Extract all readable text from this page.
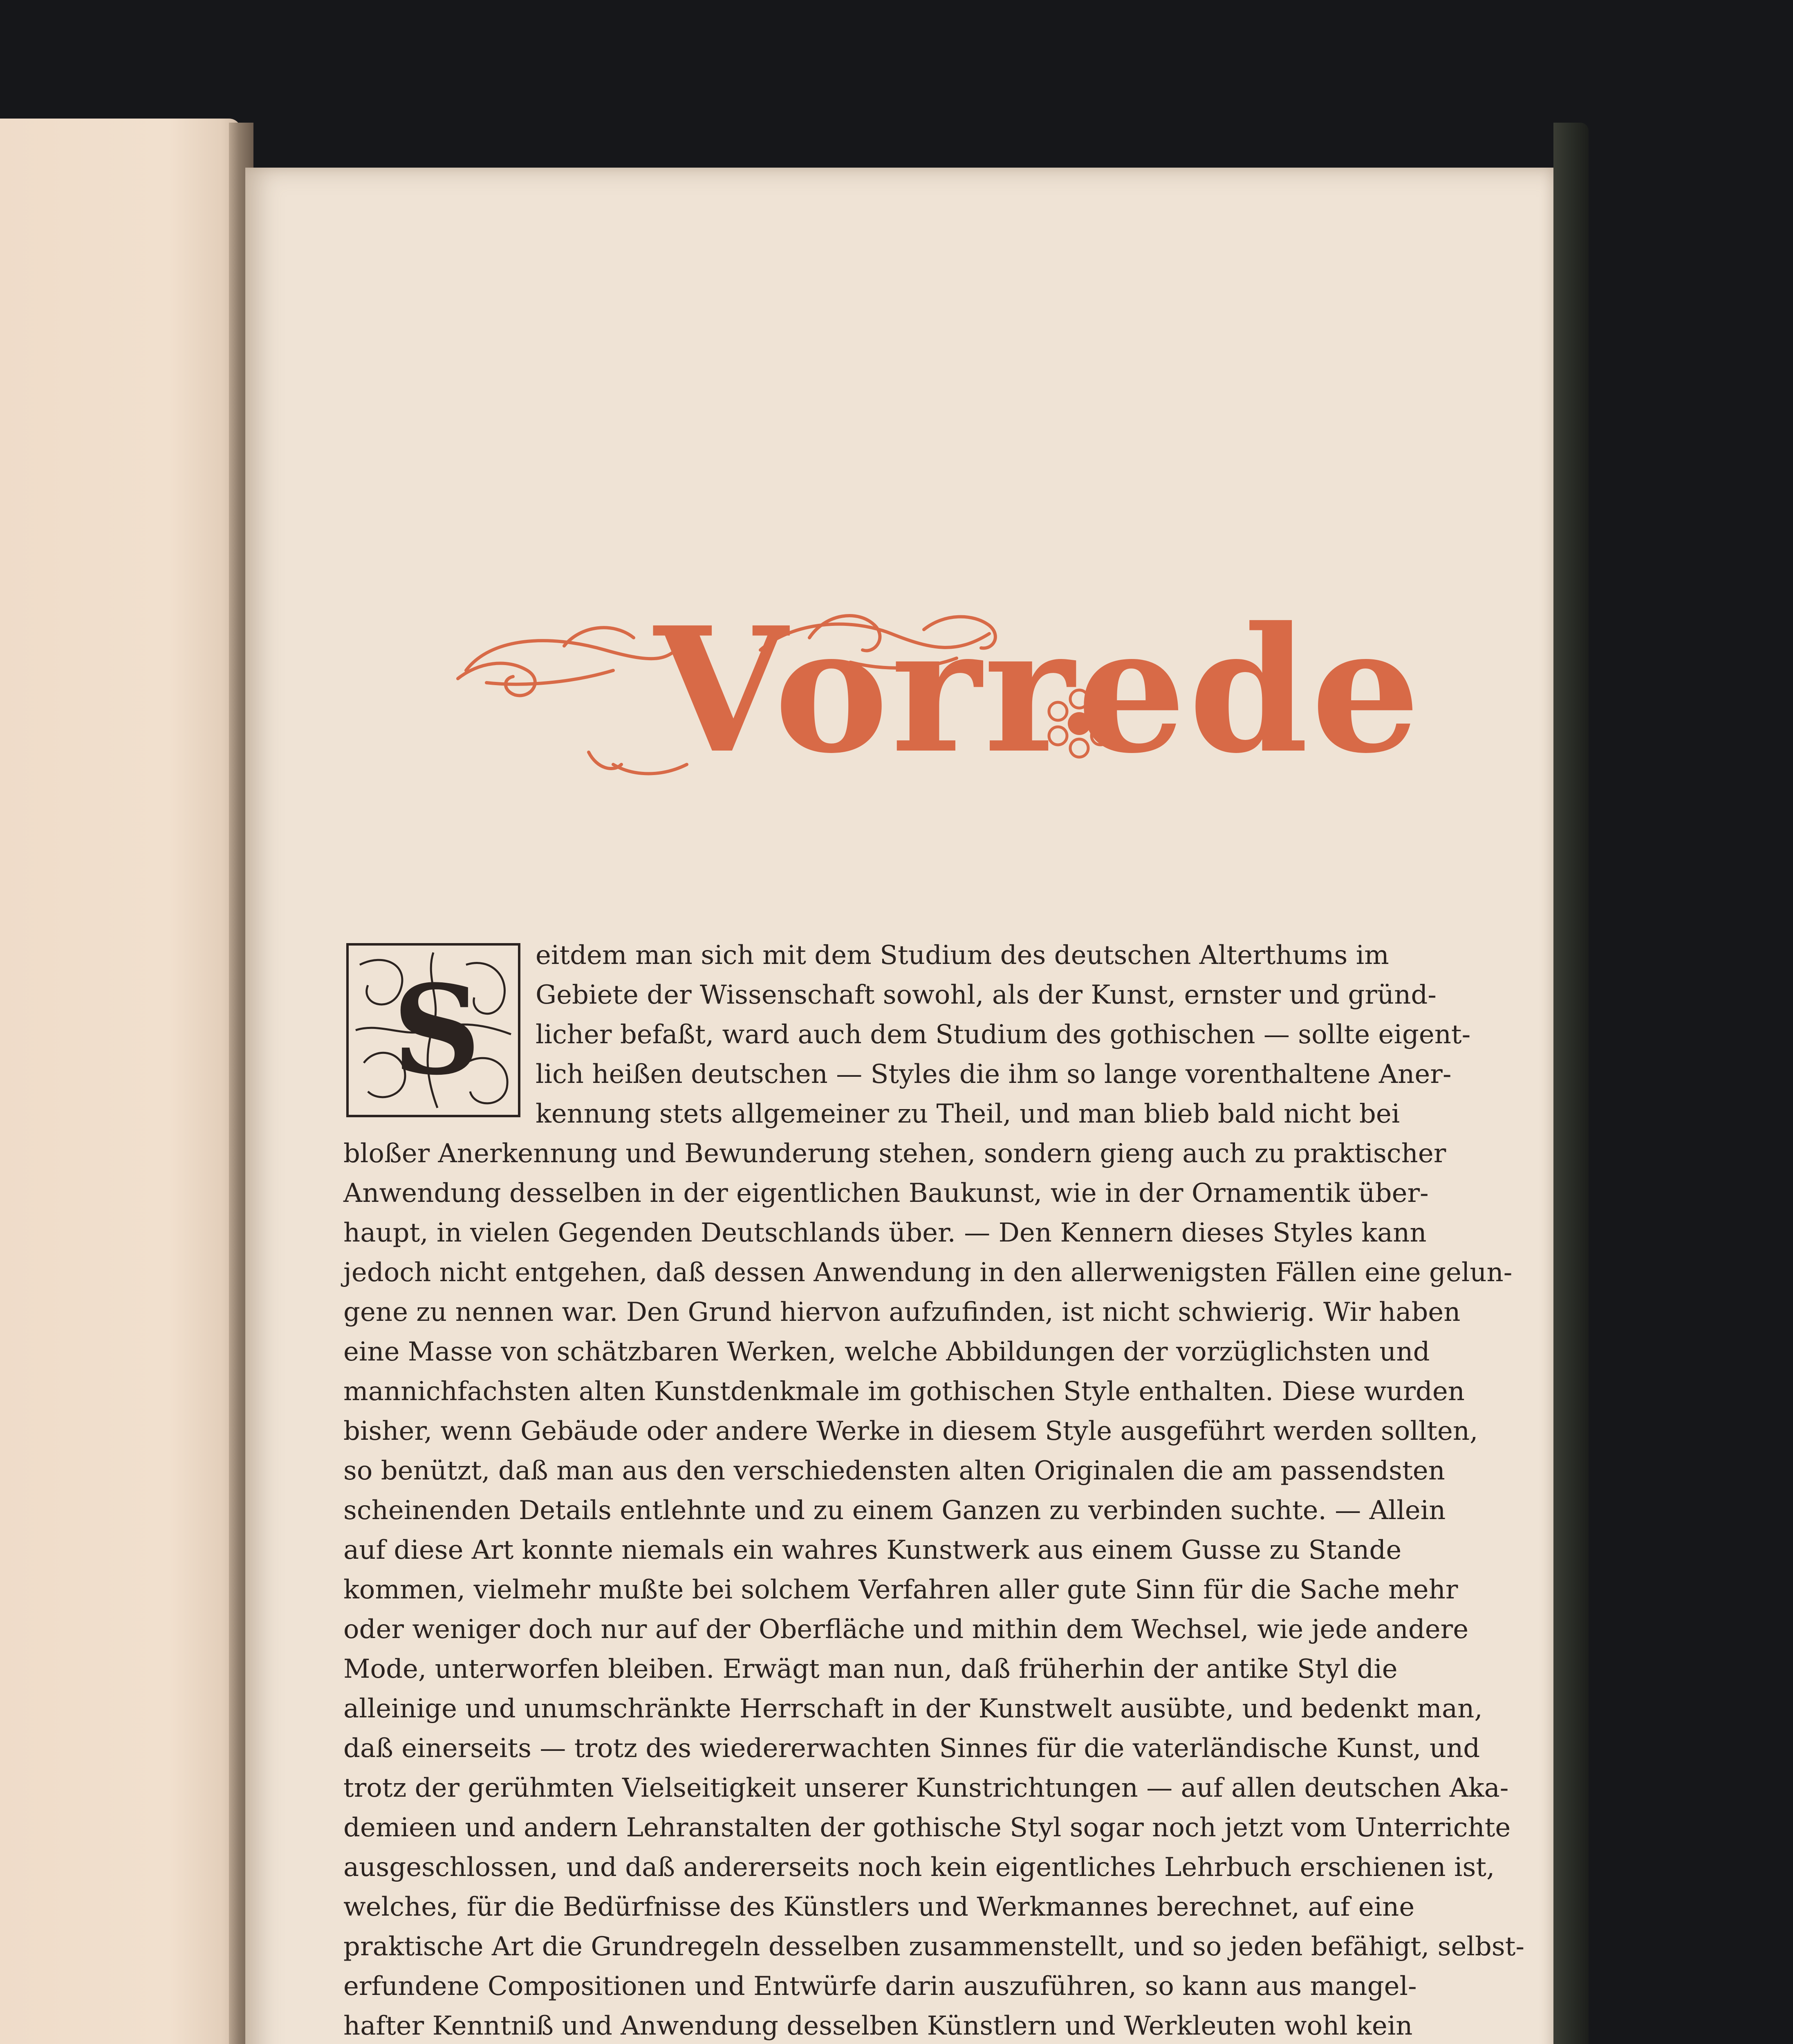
Vorrede
S
eitdem man sich mit dem Studium des deutschen Alterthums im
Gebiete der Wissenschaft sowohl, als der Kunst, ernster und gründ-
licher befaßt, ward auch dem Studium des gothischen — sollte eigent-
lich heißen deutschen — Styles die ihm so lange vorenthaltene Aner-
kennung stets allgemeiner zu Theil, und man blieb bald nicht bei
bloßer Anerkennung und Bewunderung stehen, sondern gieng auch zu praktischer
Anwendung desselben in der eigentlichen Baukunst, wie in der Ornamentik über-
haupt, in vielen Gegenden Deutschlands über. — Den Kennern dieses Styles kann
jedoch nicht entgehen, daß dessen Anwendung in den allerwenigsten Fällen eine gelun-
gene zu nennen war. Den Grund hiervon aufzufinden, ist nicht schwierig. Wir haben
eine Masse von schätzbaren Werken, welche Abbildungen der vorzüglichsten und
mannichfachsten alten Kunstdenkmale im gothischen Style enthalten. Diese wurden
bisher, wenn Gebäude oder andere Werke in diesem Style ausgeführt werden sollten,
so benützt, daß man aus den verschiedensten alten Originalen die am passendsten
scheinenden Details entlehnte und zu einem Ganzen zu verbinden suchte. — Allein
auf diese Art konnte niemals ein wahres Kunstwerk aus einem Gusse zu Stande
kommen, vielmehr mußte bei solchem Verfahren aller gute Sinn für die Sache mehr
oder weniger doch nur auf der Oberfläche und mithin dem Wechsel, wie jede andere
Mode, unterworfen bleiben. Erwägt man nun, daß früherhin der antike Styl die
alleinige und unumschränkte Herrschaft in der Kunstwelt ausübte, und bedenkt man,
daß einerseits — trotz des wiedererwachten Sinnes für die vaterländische Kunst, und
trotz der gerühmten Vielseitigkeit unserer Kunstrichtungen — auf allen deutschen Aka-
demieen und andern Lehranstalten der gothische Styl sogar noch jetzt vom Unterrichte
ausgeschlossen, und daß andererseits noch kein eigentliches Lehrbuch erschienen ist,
welches, für die Bedürfnisse des Künstlers und Werkmannes berechnet, auf eine
praktische Art die Grundregeln desselben zusammenstellt, und so jeden befähigt, selbst-
erfundene Compositionen und Entwürfe darin auszuführen, so kann aus mangel-
hafter Kenntniß und Anwendung desselben Künstlern und Werkleuten wohl kein
